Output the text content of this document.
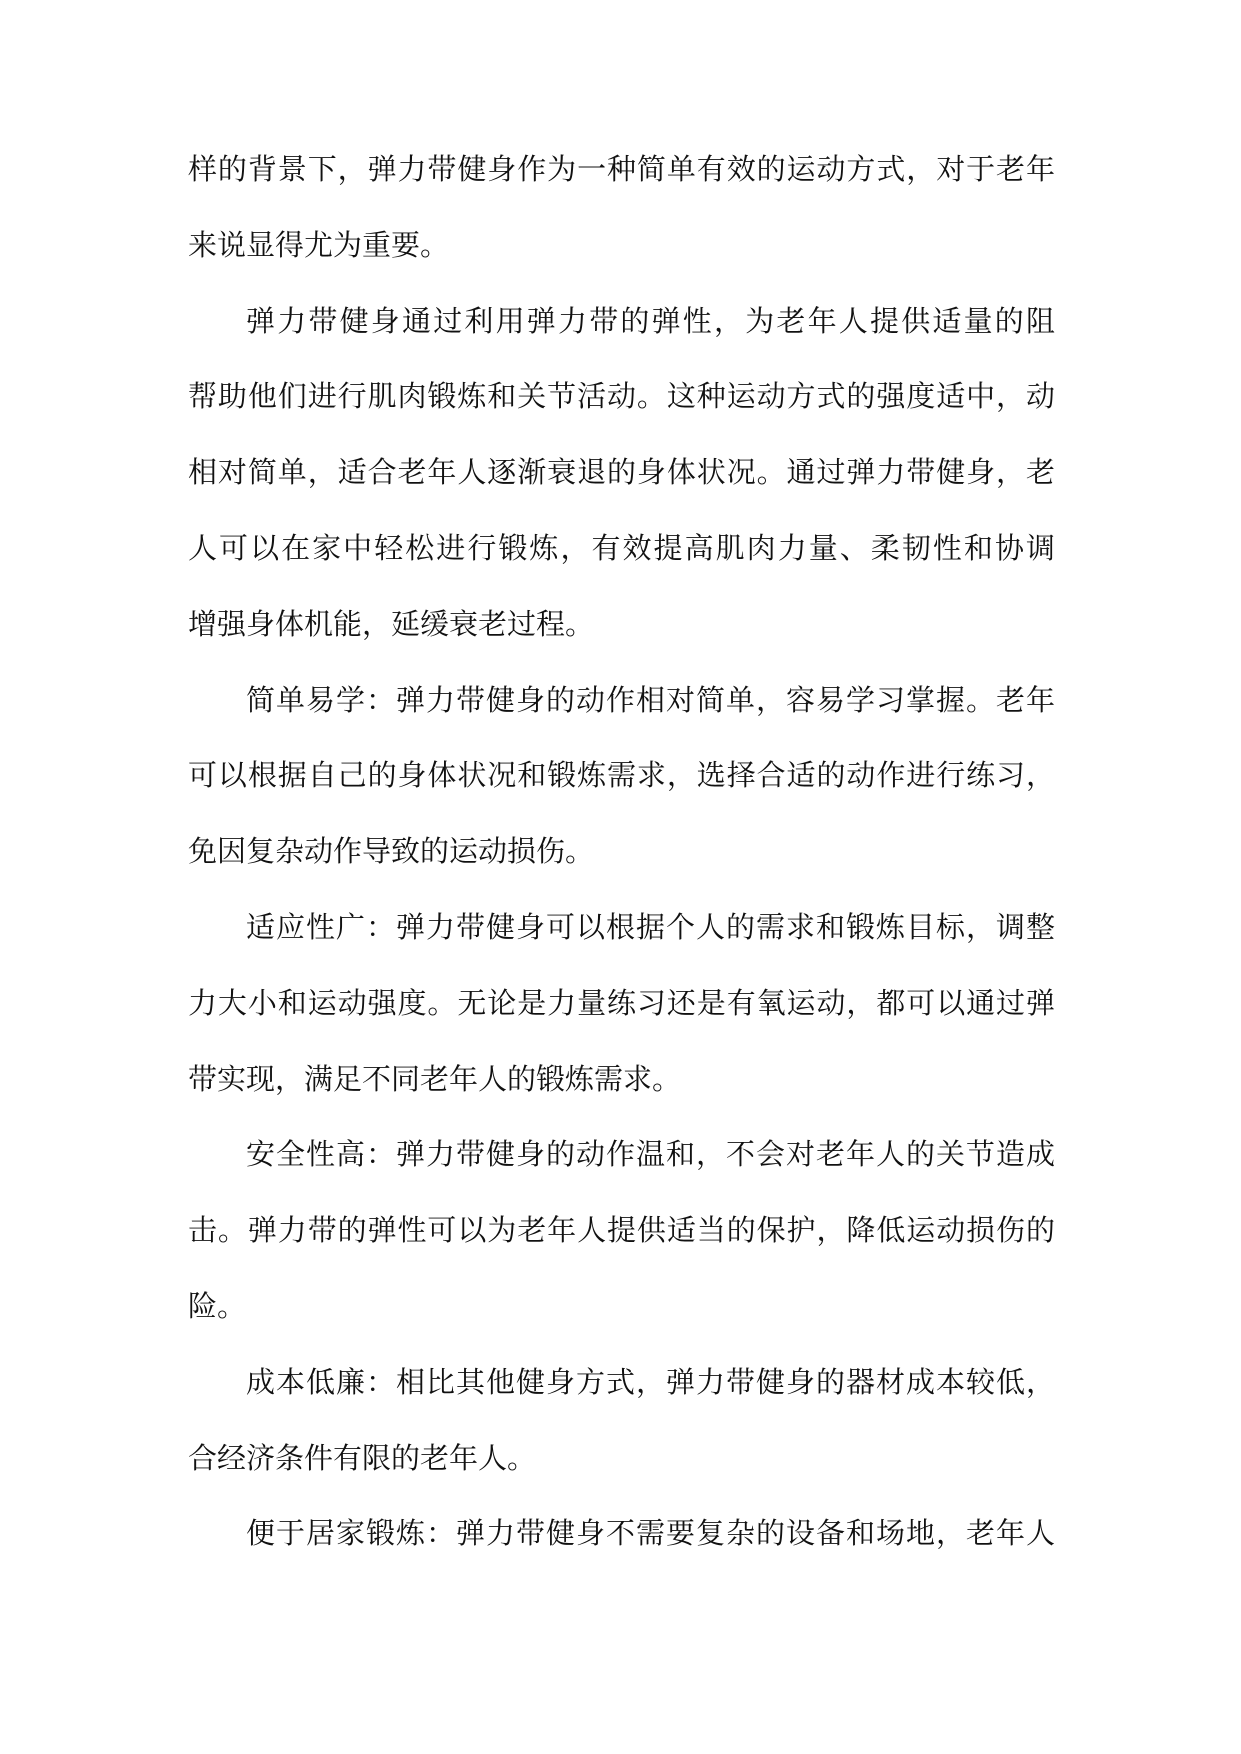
样的背景下，弹力带健身作为一种简单有效的运动方式，对于老年
来说显得尤为重要。
弹力带健身通过利用弹力带的弹性，为老年人提供适量的阻
帮助他们进行肌肉锻炼和关节活动。这种运动方式的强度适中，动
相对简单，适合老年人逐渐衰退的身体状况。通过弹力带健身，老
人可以在家中轻松进行锻炼，有效提高肌肉力量、柔韧性和协调
增强身体机能，延缓衰老过程。
简单易学：弹力带健身的动作相对简单，容易学习掌握。老年
可以根据自己的身体状况和锻炼需求，选择合适的动作进行练习，
免因复杂动作导致的运动损伤。
适应性广：弹力带健身可以根据个人的需求和锻炼目标，调整
力大小和运动强度。无论是力量练习还是有氧运动，都可以通过弹
带实现，满足不同老年人的锻炼需求。
安全性高：弹力带健身的动作温和，不会对老年人的关节造成
击。弹力带的弹性可以为老年人提供适当的保护，降低运动损伤的
险。
成本低廉：相比其他健身方式，弹力带健身的器材成本较低，
合经济条件有限的老年人。
便于居家锻炼：弹力带健身不需要复杂的设备和场地，老年人
